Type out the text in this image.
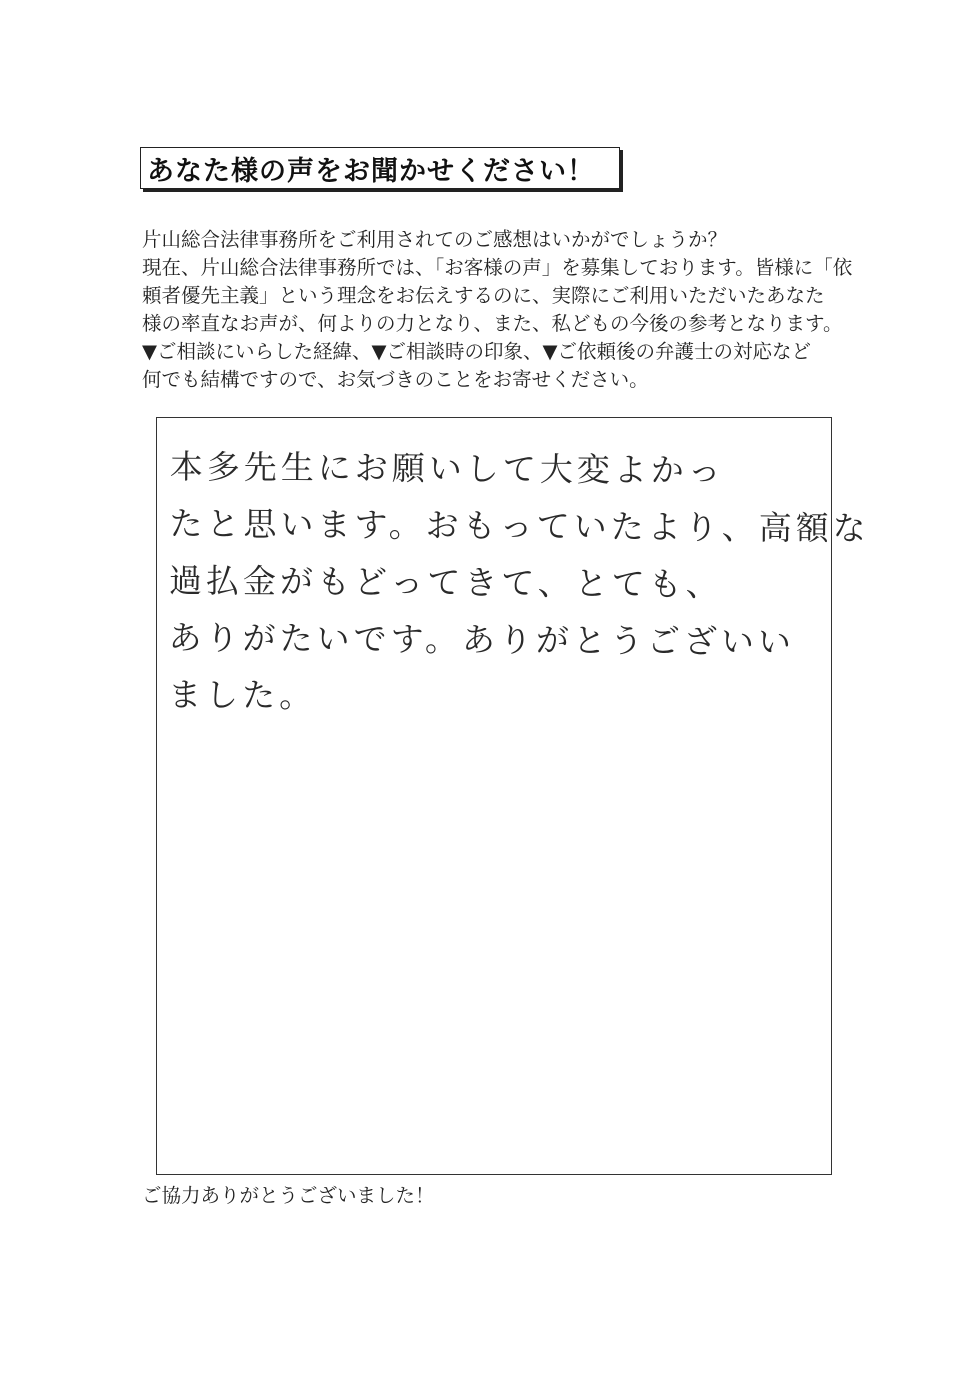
あなた様の声をお聞かせください！
片山総合法律事務所をご利用されてのご感想はいかがでしょうか？
現在、片山総合法律事務所では、「お客様の声」を募集しております。皆様に「依
頼者優先主義」という理念をお伝えするのに、実際にご利用いただいたあなた
様の率直なお声が、何よりの力となり、また、私どもの今後の参考となります。
▼ご相談にいらした経緯、▼ご相談時の印象、▼ご依頼後の弁護士の対応など
何でも結構ですので、お気づきのことをお寄せください。
本多先生にお願いして大変よかっ
たと思います。おもっていたより、高額な
過払金がもどってきて、とても、
ありがたいです。ありがとうございい
ました。
ご協力ありがとうございました！
